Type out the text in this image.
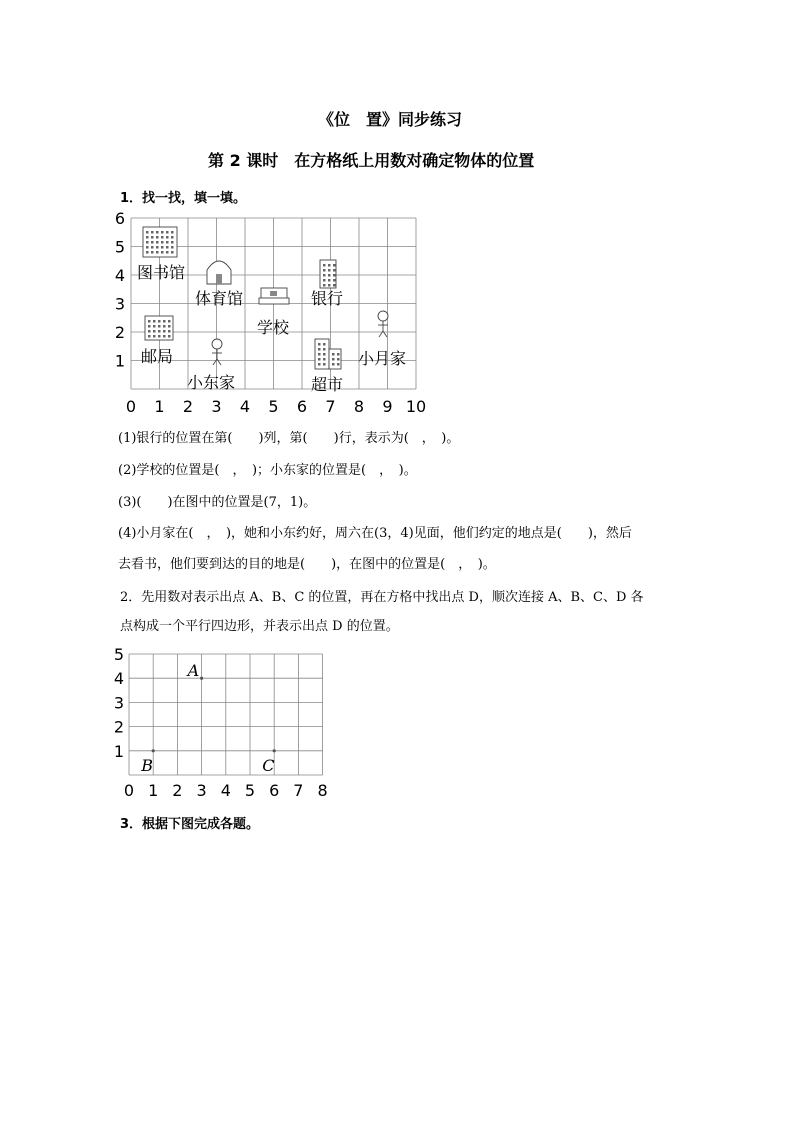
《位　置》同步练习
第 2 课时　在方格纸上用数对确定物体的位置
1．找一找，填一填。
0 1 2 3 4 5 6 7 8 9 10
1
2
3
4
5
6
图书馆
体育馆	银行
学校
邮局
小东家	超市
小月家
(1)银行的位置在第(　　)列，第(　　)行，表示为(　，　)。
(2)学校的位置是(　，　)；小东家的位置是(　，　)。
(3)(　　)在图中的位置是(7，1)。
(4)小月家在(　，　)，她和小东约好，周六在(3，4)见面，他们约定的地点是(　　)，然后
去看书，他们要到达的目的地是(　　)，在图中的位置是(　，　)。
2．先用数对表示出点 A、B、C 的位置，再在方格中找出点 D，顺次连接 A、B、C、D 各
点构成一个平行四边形，并表示出点 D 的位置。
0 1 2 3 4 5 6 7 8
1
2
3
4
5
A
B	C
3．根据下图完成各题。
